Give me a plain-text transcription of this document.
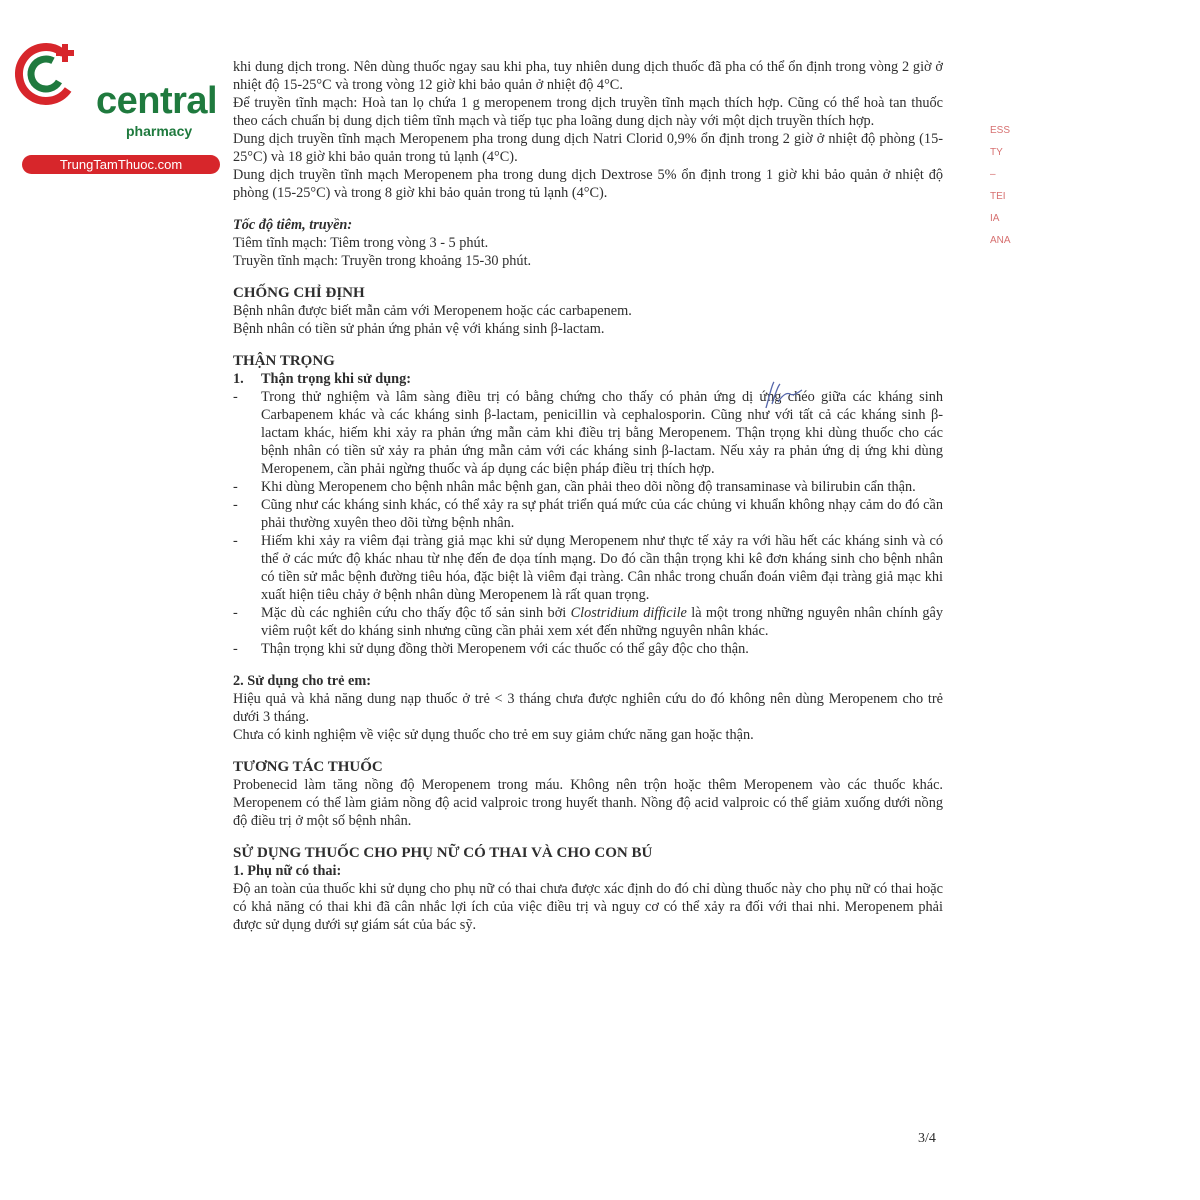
central
pharmacy
TrungTamThuoc.com

khi dung dịch trong. Nên dùng thuốc ngay sau khi pha, tuy nhiên dung dịch thuốc đã pha có thể ổn định trong vòng 2 giờ ở nhiệt độ 15-25°C và trong vòng 12 giờ khi bảo quản ở nhiệt độ 4°C.

Để truyền tĩnh mạch: Hoà tan lọ chứa 1 g meropenem trong dịch truyền tĩnh mạch thích hợp. Cũng có thể hoà tan thuốc theo cách chuẩn bị dung dịch tiêm tĩnh mạch và tiếp tục pha loãng dung dịch này với một dịch truyền thích hợp.

Dung dịch truyền tĩnh mạch Meropenem pha trong dung dịch Natri Clorid 0,9% ổn định trong 2 giờ ở nhiệt độ phòng (15-25°C) và 18 giờ khi bảo quản trong tủ lạnh (4°C).

Dung dịch truyền tĩnh mạch Meropenem pha trong dung dịch Dextrose 5% ổn định trong 1 giờ khi bảo quản ở nhiệt độ phòng (15-25°C) và trong 8 giờ khi bảo quản trong tủ lạnh (4°C).

Tốc độ tiêm, truyền:

Tiêm tĩnh mạch: Tiêm trong vòng 3 - 5 phút.

Truyền tĩnh mạch: Truyền trong khoảng 15-30 phút.

CHỐNG CHỈ ĐỊNH

Bệnh nhân được biết mẫn cảm với Meropenem hoặc các carbapenem.

Bệnh nhân có tiền sử phản ứng phản vệ với kháng sinh β-lactam.

THẬN TRỌNG

1. Thận trọng khi sử dụng:

- Trong thử nghiệm và lâm sàng điều trị có bằng chứng cho thấy có phản ứng dị ứng chéo giữa các kháng sinh Carbapenem khác và các kháng sinh β-lactam, penicillin và cephalosporin. Cũng như với tất cả các kháng sinh β-lactam khác, hiếm khi xảy ra phản ứng mẫn cảm khi điều trị bằng Meropenem. Thận trọng khi dùng thuốc cho các bệnh nhân có tiền sử xảy ra phản ứng mẫn cảm với các kháng sinh β-lactam. Nếu xảy ra phản ứng dị ứng khi dùng Meropenem, cần phải ngừng thuốc và áp dụng các biện pháp điều trị thích hợp.

- Khi dùng Meropenem cho bệnh nhân mắc bệnh gan, cần phải theo dõi nồng độ transaminase và bilirubin cẩn thận.

- Cũng như các kháng sinh khác, có thể xảy ra sự phát triển quá mức của các chủng vi khuẩn không nhạy cảm do đó cần phải thường xuyên theo dõi từng bệnh nhân.

- Hiếm khi xảy ra viêm đại tràng giả mạc khi sử dụng Meropenem như thực tế xảy ra với hầu hết các kháng sinh và có thể ở các mức độ khác nhau từ nhẹ đến đe dọa tính mạng. Do đó cần thận trọng khi kê đơn kháng sinh cho bệnh nhân có tiền sử mắc bệnh đường tiêu hóa, đặc biệt là viêm đại tràng. Cân nhắc trong chuẩn đoán viêm đại tràng giả mạc khi xuất hiện tiêu chảy ở bệnh nhân dùng Meropenem là rất quan trọng.

- Mặc dù các nghiên cứu cho thấy độc tố sản sinh bởi Clostridium difficile là một trong những nguyên nhân chính gây viêm ruột kết do kháng sinh nhưng cũng cần phải xem xét đến những nguyên nhân khác.

- Thận trọng khi sử dụng đồng thời Meropenem với các thuốc có thể gây độc cho thận.

2. Sử dụng cho trẻ em:

Hiệu quả và khả năng dung nạp thuốc ở trẻ < 3 tháng chưa được nghiên cứu do đó không nên dùng Meropenem cho trẻ dưới 3 tháng.

Chưa có kinh nghiệm về việc sử dụng thuốc cho trẻ em suy giảm chức năng gan hoặc thận.

TƯƠNG TÁC THUỐC

Probenecid làm tăng nồng độ Meropenem trong máu. Không nên trộn hoặc thêm Meropenem vào các thuốc khác. Meropenem có thể làm giảm nồng độ acid valproic trong huyết thanh. Nồng độ acid valproic có thể giảm xuống dưới nồng độ điều trị ở một số bệnh nhân.

SỬ DỤNG THUỐC CHO PHỤ NỮ CÓ THAI VÀ CHO CON BÚ

1. Phụ nữ có thai:

Độ an toàn của thuốc khi sử dụng cho phụ nữ có thai chưa được xác định do đó chỉ dùng thuốc này cho phụ nữ có thai hoặc có khả năng có thai khi đã cân nhắc lợi ích của việc điều trị và nguy cơ có thể xảy ra đối với thai nhi. Meropenem phải được sử dụng dưới sự giám sát của bác sỹ.

ESS
TY
–
TEI
IA
ANA
3/4
